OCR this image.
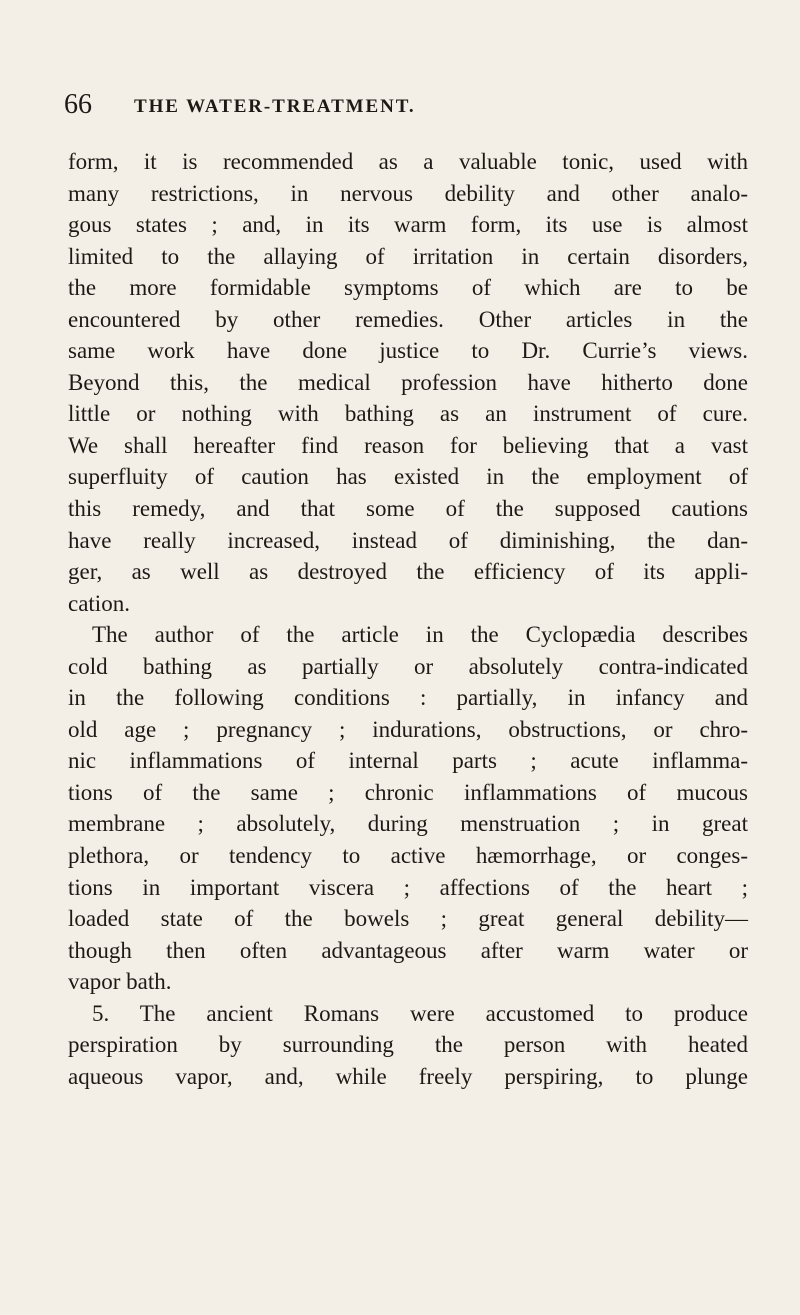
66 THE WATER-TREATMENT.
form, it is recommended as a valuable tonic, used with
many restrictions, in nervous debility and other analo-
gous states ; and, in its warm form, its use is almost
limited to the allaying of irritation in certain disorders,
the more formidable symptoms of which are to be
encountered by other remedies. Other articles in the
same work have done justice to Dr. Currie’s views.
Beyond this, the medical profession have hitherto done
little or nothing with bathing as an instrument of cure.
We shall hereafter find reason for believing that a vast
superfluity of caution has existed in the employment of
this remedy, and that some of the supposed cautions
have really increased, instead of diminishing, the dan-
ger, as well as destroyed the efficiency of its appli-
cation.
The author of the article in the Cyclopædia describes
cold bathing as partially or absolutely contra-indicated
in the following conditions : partially, in infancy and
old age ; pregnancy ; indurations, obstructions, or chro-
nic inflammations of internal parts ; acute inflamma-
tions of the same ; chronic inflammations of mucous
membrane ; absolutely, during menstruation ; in great
plethora, or tendency to active hæmorrhage, or conges-
tions in important viscera ; affections of the heart ;
loaded state of the bowels ; great general debility—
though then often advantageous after warm water or
vapor bath.
5. The ancient Romans were accustomed to produce
perspiration by surrounding the person with heated
aqueous vapor, and, while freely perspiring, to plunge
